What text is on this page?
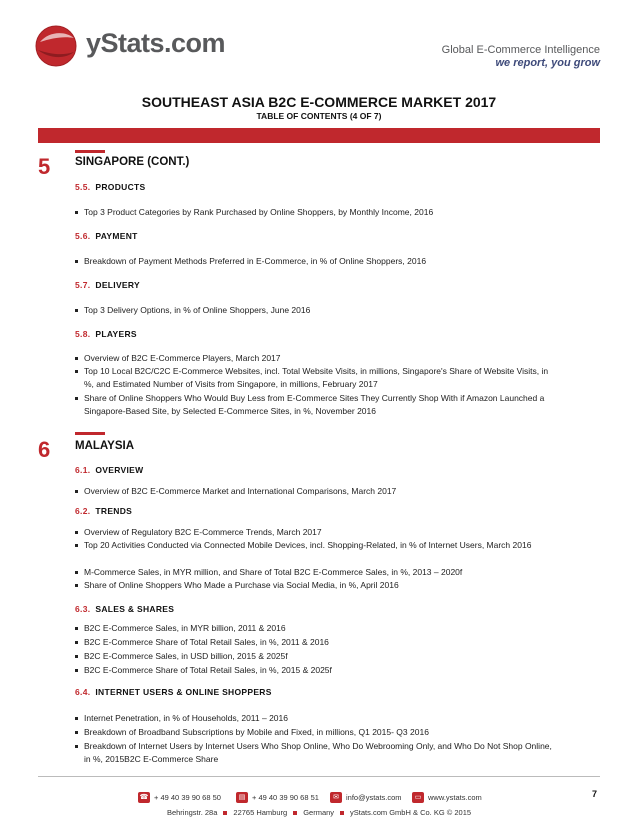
yStats.com	Global E-Commerce Intelligence
we report, you grow
SOUTHEAST ASIA B2C E-COMMERCE MARKET 2017
TABLE OF CONTENTS (4 OF 7)
5 SINGAPORE (CONT.)
5.5. PRODUCTS
Top 3 Product Categories by Rank Purchased by Online Shoppers, by Monthly Income, 2016
5.6. PAYMENT
Breakdown of Payment Methods Preferred in E-Commerce, in % of Online Shoppers, 2016
5.7. DELIVERY
Top 3 Delivery Options, in % of Online Shoppers, June 2016
5.8. PLAYERS
Overview of B2C E-Commerce Players, March 2017
Top 10 Local B2C/C2C E-Commerce Websites, incl. Total Website Visits, in millions, Singapore's Share of Website Visits, in %, and Estimated Number of Visits from Singapore, in millions, February 2017
Share of Online Shoppers Who Would Buy Less from E-Commerce Sites They Currently Shop With if Amazon Launched a Singapore-Based Site, by Selected E-Commerce Sites, in %, November 2016
6 MALAYSIA
6.1. OVERVIEW
Overview of B2C E-Commerce Market and International Comparisons, March 2017
6.2. TRENDS
Overview of Regulatory B2C E-Commerce Trends, March 2017
Top 20 Activities Conducted via Connected Mobile Devices, incl. Shopping-Related, in % of Internet Users, March 2016
M-Commerce Sales, in MYR million, and Share of Total B2C E-Commerce Sales, in %, 2013 – 2020f
Share of Online Shoppers Who Made a Purchase via Social Media, in %, April 2016
6.3. SALES & SHARES
B2C E-Commerce Sales, in MYR billion, 2011 & 2016
B2C E-Commerce Share of Total Retail Sales, in %, 2011 & 2016
B2C E-Commerce Sales, in USD billion, 2015 & 2025f
B2C E-Commerce Share of Total Retail Sales, in %, 2015 & 2025f
6.4. INTERNET USERS & ONLINE SHOPPERS
Internet Penetration, in % of Households, 2011 – 2016
Breakdown of Broadband Subscriptions by Mobile and Fixed, in millions, Q1 2015- Q3 2016
Breakdown of Internet Users by Internet Users Who Shop Online, Who Do Webrooming Only, and Who Do Not Shop Online, in %, 2015B2C E-Commerce Share
7
☎ + 49 40 39 90 68 50	▤ + 49 40 39 90 68 51	✉ info@ystats.com	▭ www.ystats.com
Behringstr. 28a 22765 Hamburg Germany yStats.com GmbH & Co. KG © 2015
